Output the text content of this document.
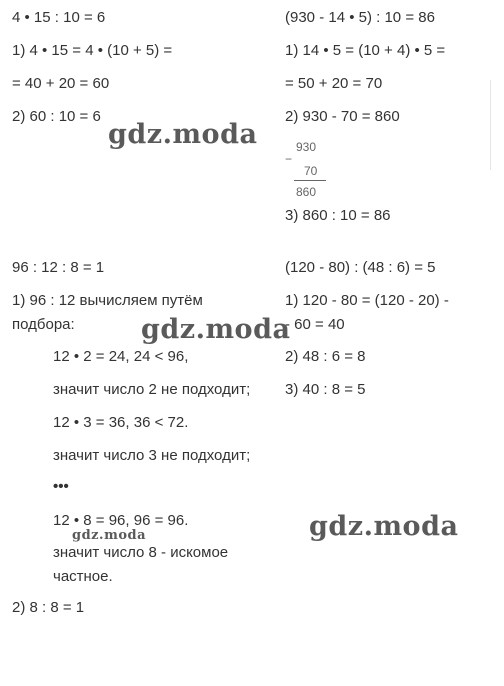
4 • 15 : 10 = 6
1) 4 • 15 = 4 • (10 + 5) =
= 40 + 20 = 60
2) 60 : 10 = 6
(930 - 14 • 5) : 10 = 86
1) 14 • 5 = (10 + 4) • 5 =
= 50 + 20 = 70
2) 930 - 70 = 860
−
930
70
860
3) 860 : 10 = 86
96 : 12 : 8 = 1
1) 96 : 12 вычисляем путём
подбора:
12 • 2 = 24, 24 < 96,
значит число 2 не подходит;
12 • 3 = 36, 36 < 72.
значит число 3 не подходит;
•••
12 • 8 = 96, 96 = 96.
значит число 8 - искомое
частное.
2) 8 : 8 = 1
(120 - 80) : (48 : 6) = 5
1) 120 - 80 = (120 - 20) -
- 60 = 40
2) 48 : 6 = 8
3) 40 : 8 = 5
gdz.moda
gdz.moda
gdz.moda
gdz.moda
